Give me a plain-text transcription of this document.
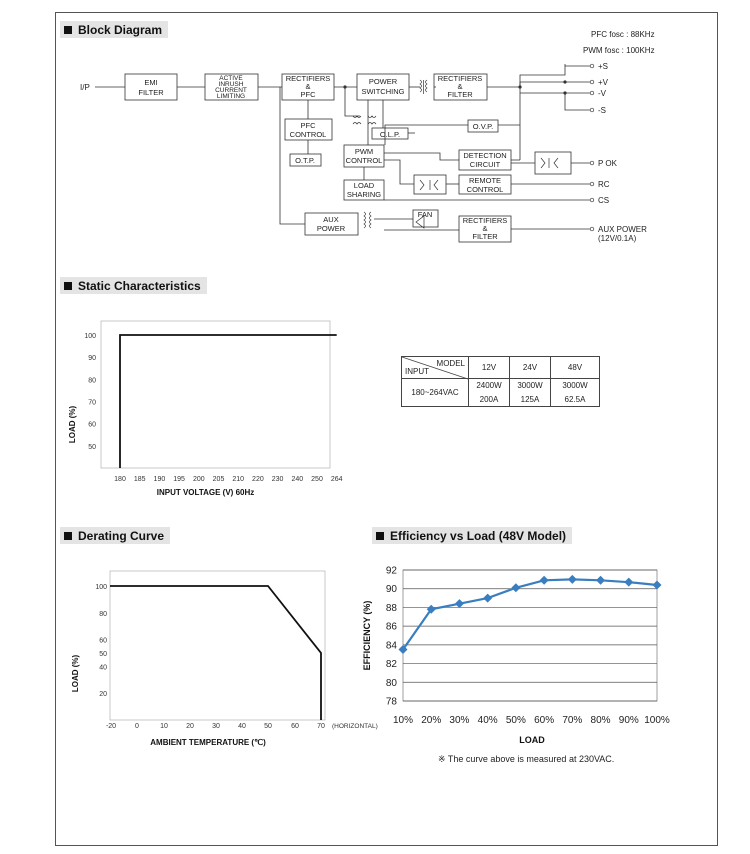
Block Diagram
Static Characteristics
Derating Curve	Efficiency vs Load (48V Model)
PFC fosc : 88KHz
PWM fosc : 100KHz
I/P
EMI
FILTER
ACTIVE
INRUSH
CURRENT
LIMITING
RECTIFIERS
&
PFC
POWER
SWITCHING
RECTIFIERS
&
FILTER
PFC
CONTROL
O.T.P.
O.L.P.
O.V.P.
PWM
CONTROL
DETECTION
CIRCUIT
LOAD
SHARING
REMOTE
CONTROL
AUX
POWER
FAN
RECTIFIERS
&
FILTER
+S
+V
-V
-S
P OK
RC
CS
AUX POWER
(12V/0.1A)
180 185 190 195 200 205 210 220 230 240 250 264
100
90
80
70
60
50
INPUT VOLTAGE (V) 60Hz
LOAD (%)
MODEL
INPUT	12V	24V	48V
180~264VAC	2400W	3000W	3000W
	200A	125A	62.5A
-20	0	10	20	30	40	50	60	70 (HORIZONTAL)
100
80
60
50
40
20
AMBIENT TEMPERATURE (℃)
LOAD (%)
92
90
88
86
84
82
80
78
10% 20% 30% 40% 50% 60% 70% 80% 90% 100%
LOAD
EFFICIENCY (%)
※ The curve above is measured at 230VAC.
